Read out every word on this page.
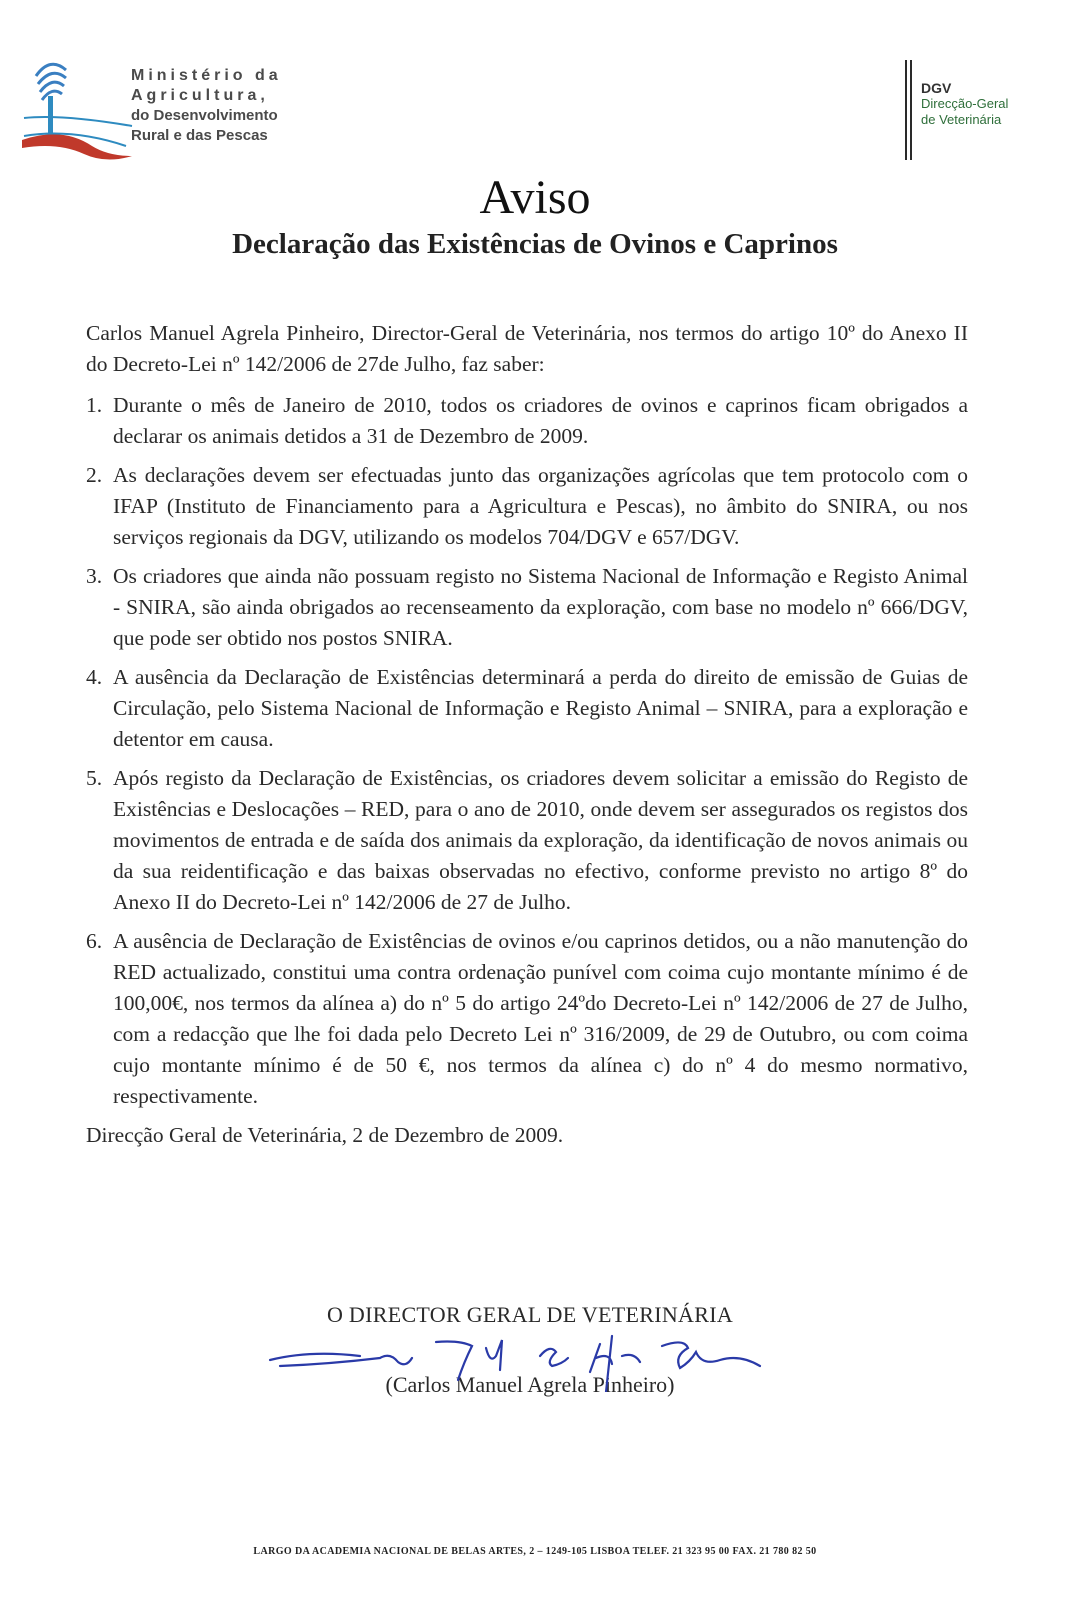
Ministério da
Agricultura,
do Desenvolvimento
Rural e das Pescas
DGV
Direcção-Geral
de Veterinária
Aviso
Declaração das Existências de Ovinos e Caprinos

Carlos Manuel Agrela Pinheiro, Director-Geral de Veterinária, nos termos do artigo 10º do Anexo II do Decreto-Lei nº 142/2006 de 27de Julho, faz saber:

1. Durante o mês de Janeiro de 2010, todos os criadores de ovinos e caprinos ficam obrigados a declarar os animais detidos a 31 de Dezembro de 2009.
2. As declarações devem ser efectuadas junto das organizações agrícolas que tem protocolo com o IFAP (Instituto de Financiamento para a Agricultura e Pescas), no âmbito do SNIRA, ou nos serviços regionais da DGV, utilizando os modelos 704/DGV e 657/DGV.
3. Os criadores que ainda não possuam registo no Sistema Nacional de Informação e Registo Animal - SNIRA, são ainda obrigados ao recenseamento da exploração, com base no modelo nº 666/DGV, que pode ser obtido nos postos SNIRA.
4. A ausência da Declaração de Existências determinará a perda do direito de emissão de Guias de Circulação, pelo Sistema Nacional de Informação e Registo Animal – SNIRA, para a exploração e detentor em causa.
5. Após registo da Declaração de Existências, os criadores devem solicitar a emissão do Registo de Existências e Deslocações – RED, para o ano de 2010, onde devem ser assegurados os registos dos movimentos de entrada e de saída dos animais da exploração, da identificação de novos animais ou da sua reidentificação e das baixas observadas no efectivo, conforme previsto no artigo 8º do Anexo II do Decreto-Lei nº 142/2006 de 27 de Julho.
6. A ausência de Declaração de Existências de ovinos e/ou caprinos detidos, ou a não manutenção do RED actualizado, constitui uma contra ordenação punível com coima cujo montante mínimo é de 100,00€, nos termos da alínea a) do nº 5 do artigo 24ºdo Decreto-Lei nº 142/2006 de 27 de Julho, com a redacção que lhe foi dada pelo Decreto Lei nº 316/2009, de 29 de Outubro, ou com coima cujo montante mínimo é de 50 €, nos termos da alínea c) do nº 4 do mesmo normativo, respectivamente.

Direcção Geral de Veterinária, 2 de Dezembro de 2009.

O DIRECTOR GERAL DE VETERINÁRIA
(Carlos Manuel Agrela Pinheiro)
LARGO DA ACADEMIA NACIONAL DE BELAS ARTES, 2 – 1249-105 LISBOA TELEF. 21 323 95 00 FAX. 21 780 82 50
